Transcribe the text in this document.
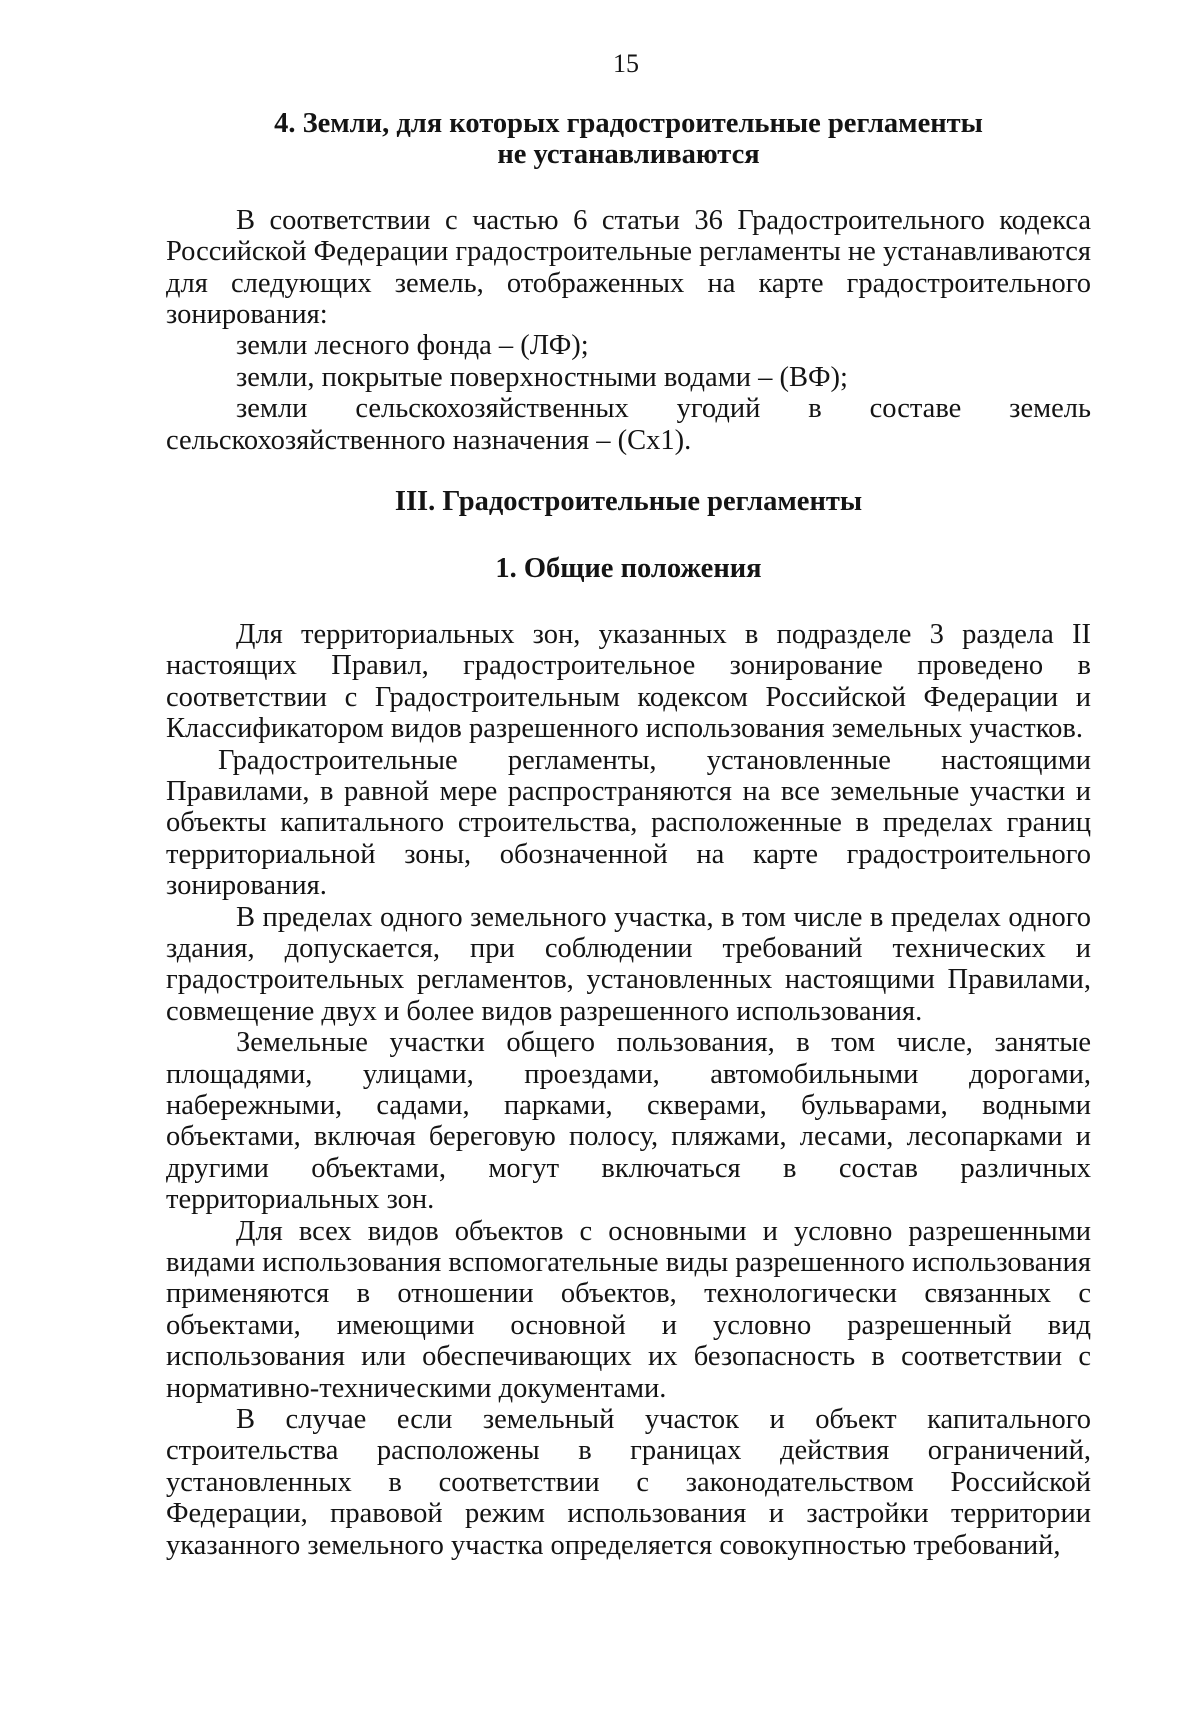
15
4. Земли, для которых градостроительные регламенты
не устанавливаются

В соответствии с частью 6 статьи 36 Градостроительного кодекса Российской Федерации градостроительные регламенты не устанавливаются для следующих земель, отображенных на карте градостроительного зонирования:

земли лесного фонда – (ЛФ);

земли, покрытые поверхностными водами – (ВФ);

земли сельскохозяйственных угодий в составе земель сельскохозяйственного назначения – (Сх1).

III. Градостроительные регламенты
1. Общие положения

Для территориальных зон, указанных в подразделе 3 раздела II настоящих Правил, градостроительное зонирование проведено в соответствии с Градостроительным кодексом Российской Федерации и Классификатором видов разрешенного использования земельных участков.

Градостроительные регламенты, установленные настоящими Правилами, в равной мере распространяются на все земельные участки и объекты капитального строительства, расположенные в пределах границ территориальной зоны, обозначенной на карте градостроительного зонирования.

В пределах одного земельного участка, в том числе в пределах одного здания, допускается, при соблюдении требований технических и градостроительных регламентов, установленных настоящими Правилами, совмещение двух и более видов разрешенного использования.

Земельные участки общего пользования, в том числе, занятые площадями, улицами, проездами, автомобильными дорогами, набережными, садами, парками, скверами, бульварами, водными объектами, включая береговую полосу, пляжами, лесами, лесопарками и другими объектами, могут включаться в состав различных территориальных зон.

Для всех видов объектов с основными и условно разрешенными видами использования вспомогательные виды разрешенного использования применяются в отношении объектов, технологически связанных с объектами, имеющими основной и условно разрешенный вид использования или обеспечивающих их безопасность в соответствии с нормативно-техническими документами.

В случае если земельный участок и объект капитального строительства расположены в границах действия ограничений, установленных в соответствии с законодательством Российской Федерации, правовой режим использования и застройки территории указанного земельного участка определяется совокупностью требований,
